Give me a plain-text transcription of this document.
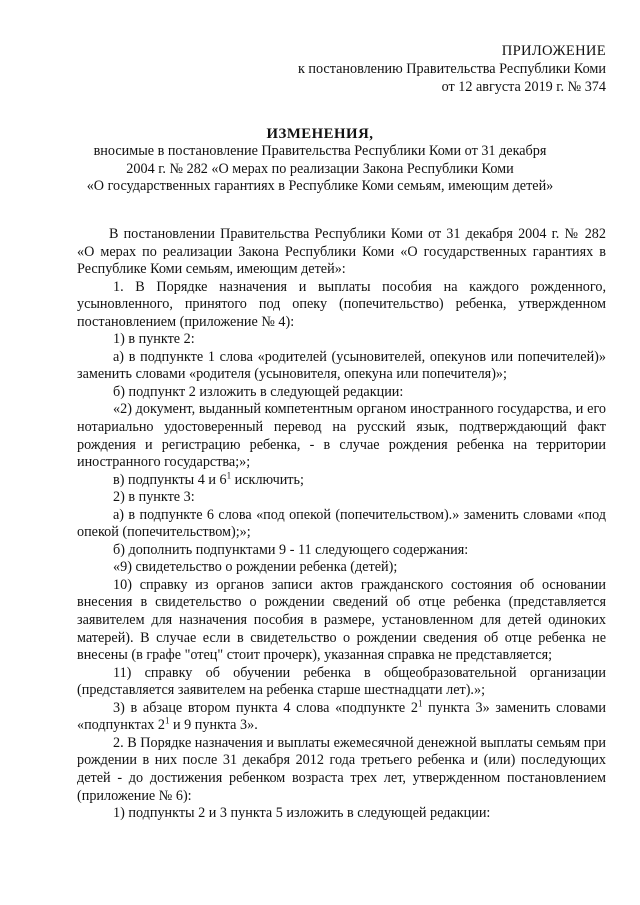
ПРИЛОЖЕНИЕ
к постановлению Правительства Республики Коми
от 12 августа 2019 г. № 374
ИЗМЕНЕНИЯ,
вносимые в постановление Правительства Республики Коми от 31 декабря
2004 г. № 282 «О мерах по реализации Закона Республики Коми
«О государственных гарантиях в Республике Коми семьям, имеющим детей»

В постановлении Правительства Республики Коми от 31 декабря 2004 г. № 282 «О мерах по реализации Закона Республики Коми «О государственных гарантиях в Республике Коми семьям, имеющим детей»:

1. В Порядке назначения и выплаты пособия на каждого рожденного, усыновленного, принятого под опеку (попечительство) ребенка, утвержденном постановлением (приложение № 4):

1) в пункте 2:

а) в подпункте 1 слова «родителей (усыновителей, опекунов или попечителей)» заменить словами «родителя (усыновителя, опекуна или попечителя)»;

б) подпункт 2 изложить в следующей редакции:

«2) документ, выданный компетентным органом иностранного государства, и его нотариально удостоверенный перевод на русский язык, подтверждающий факт рождения и регистрацию ребенка, - в случае рождения ребенка на территории иностранного государства;»;

в) подпункты 4 и $6^1$ исключить;

2) в пункте 3:

а) в подпункте 6 слова «под опекой (попечительством).» заменить словами «под опекой (попечительством);»;

б) дополнить подпунктами 9 - 11 следующего содержания:

«9) свидетельство о рождении ребенка (детей);

10) справку из органов записи актов гражданского состояния об основании внесения в свидетельство о рождении сведений об отце ребенка (представляется заявителем для назначения пособия в размере, установленном для детей одиноких матерей). В случае если в свидетельство о рождении сведения об отце ребенка не внесены (в графе "отец" стоит прочерк), указанная справка не представляется;

11) справку об обучении ребенка в общеобразовательной организации (представляется заявителем на ребенка старше шестнадцати лет).»;

3) в абзаце втором пункта 4 слова «подпункте $2^1$ пункта 3» заменить словами «подпунктах $2^1$ и 9 пункта 3».

2. В Порядке назначения и выплаты ежемесячной денежной выплаты семьям при рождении в них после 31 декабря 2012 года третьего ребенка и (или) последующих детей - до достижения ребенком возраста трех лет, утвержденном постановлением (приложение № 6):

1) подпункты 2 и 3 пункта 5 изложить в следующей редакции:
